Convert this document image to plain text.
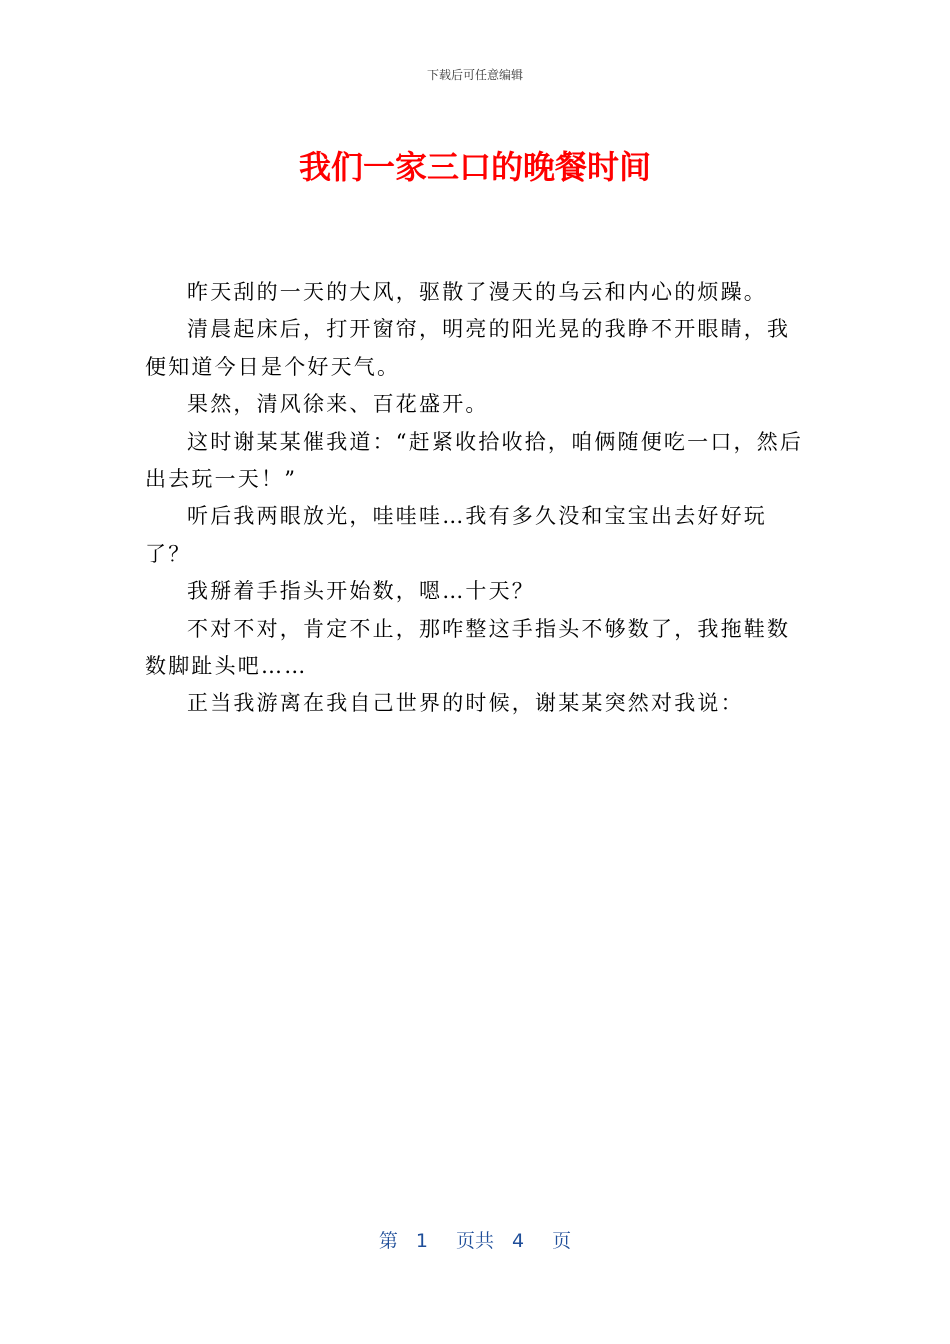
下载后可任意编辑
我们一家三口的晚餐时间

昨天刮的一天的大风，驱散了漫天的乌云和内心的烦躁。

清晨起床后，打开窗帘，明亮的阳光晃的我睁不开眼睛，我便知道今日是个好天气。

果然，清风徐来、百花盛开。

这时谢某某催我道：“赶紧收拾收拾，咱俩随便吃一口，然后出去玩一天！”

听后我两眼放光，哇哇哇…我有多久没和宝宝出去好好玩了？

我掰着手指头开始数，嗯…十天？

不对不对，肯定不止，那咋整这手指头不够数了，我拖鞋数数脚趾头吧……

正当我游离在我自己世界的时候，谢某某突然对我说：

第 1 页共 4 页
